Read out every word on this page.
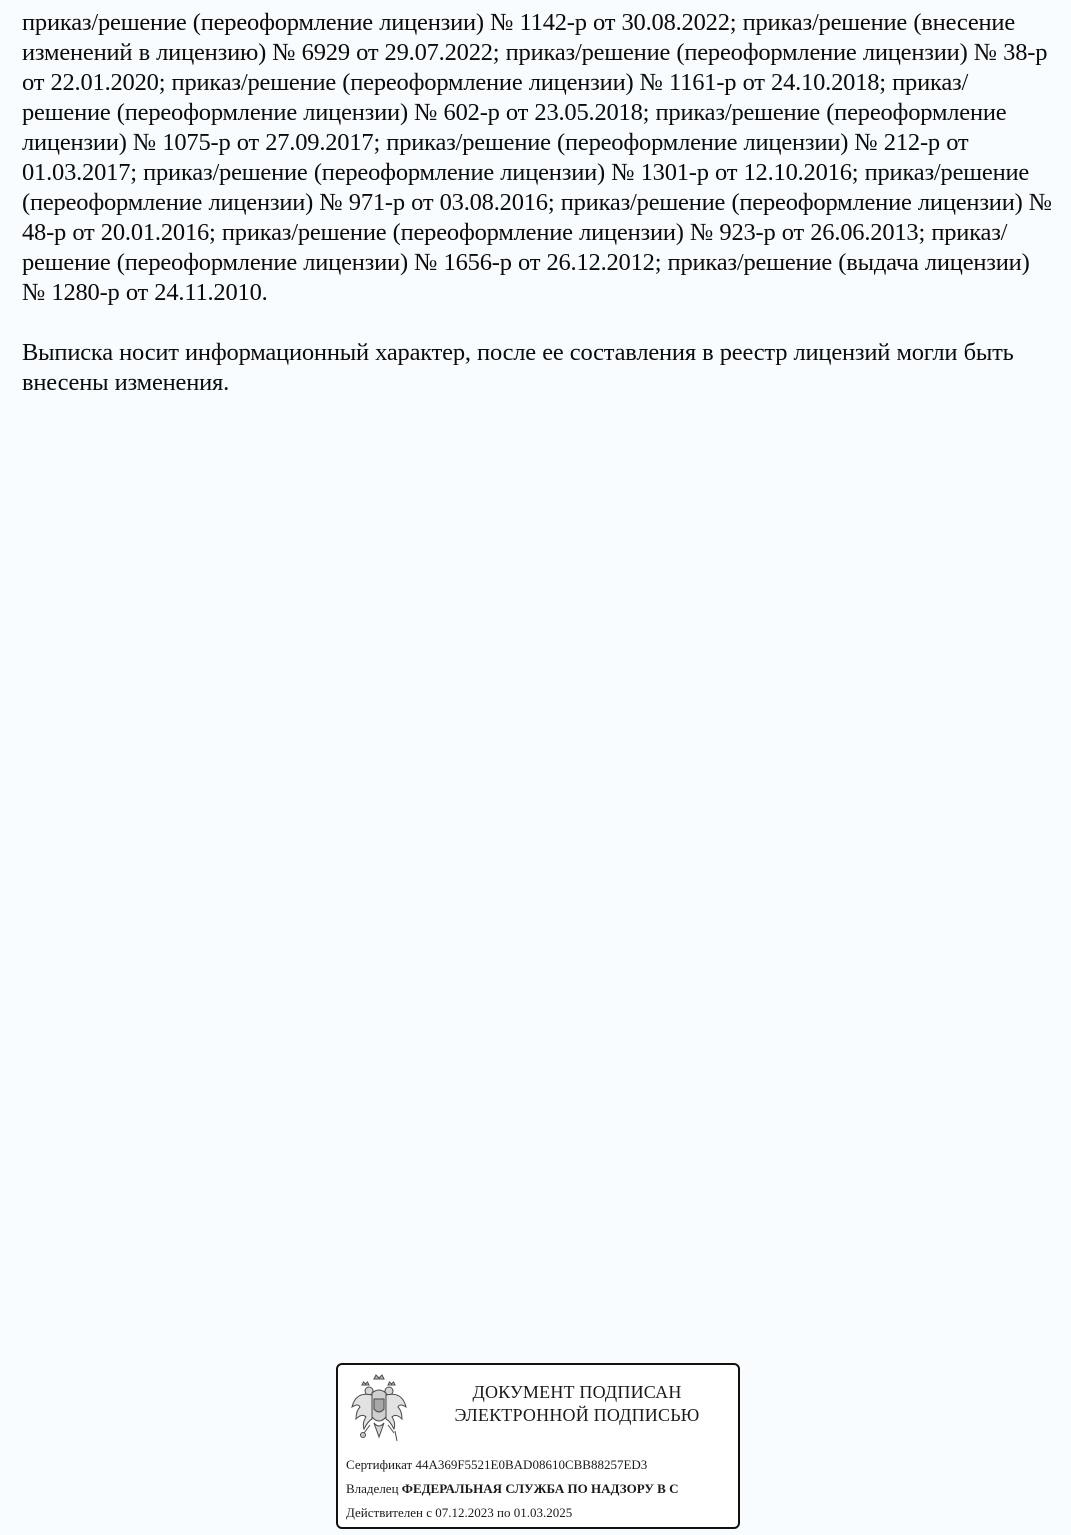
приказ/решение (переоформление лицензии) № 1142-р от 30.08.2022; приказ/решение (внесение изменений в лицензию) № 6929 от 29.07.2022; приказ/решение (переоформление лицензии) № 38-р от 22.01.2020; приказ/решение (переоформление лицензии) № 1161-р от 24.10.2018; приказ/решение (переоформление лицензии) № 602-р от 23.05.2018; приказ/решение (переоформление лицензии) № 1075-р от 27.09.2017; приказ/решение (переоформление лицензии) № 212-р от 01.03.2017; приказ/решение (переоформление лицензии) № 1301-р от 12.10.2016; приказ/решение (переоформление лицензии) № 971-р от 03.08.2016; приказ/решение (переоформление лицензии) № 48-р от 20.01.2016; приказ/решение (переоформление лицензии) № 923-р от 26.06.2013; приказ/решение (переоформление лицензии) № 1656-р от 26.12.2012; приказ/решение (выдача лицензии) № 1280-р от 24.11.2010.

Выписка носит информационный характер, после ее составления в реестр лицензий могли быть внесены изменения.

ДОКУМЕНТ ПОДПИСАН
ЭЛЕКТРОННОЙ ПОДПИСЬЮ
Сертификат 44A369F5521E0BAD08610CBB88257ED3
Владелец ФЕДЕРАЛЬНАЯ СЛУЖБА ПО НАДЗОРУ В С
Действителен с 07.12.2023 по 01.03.2025
